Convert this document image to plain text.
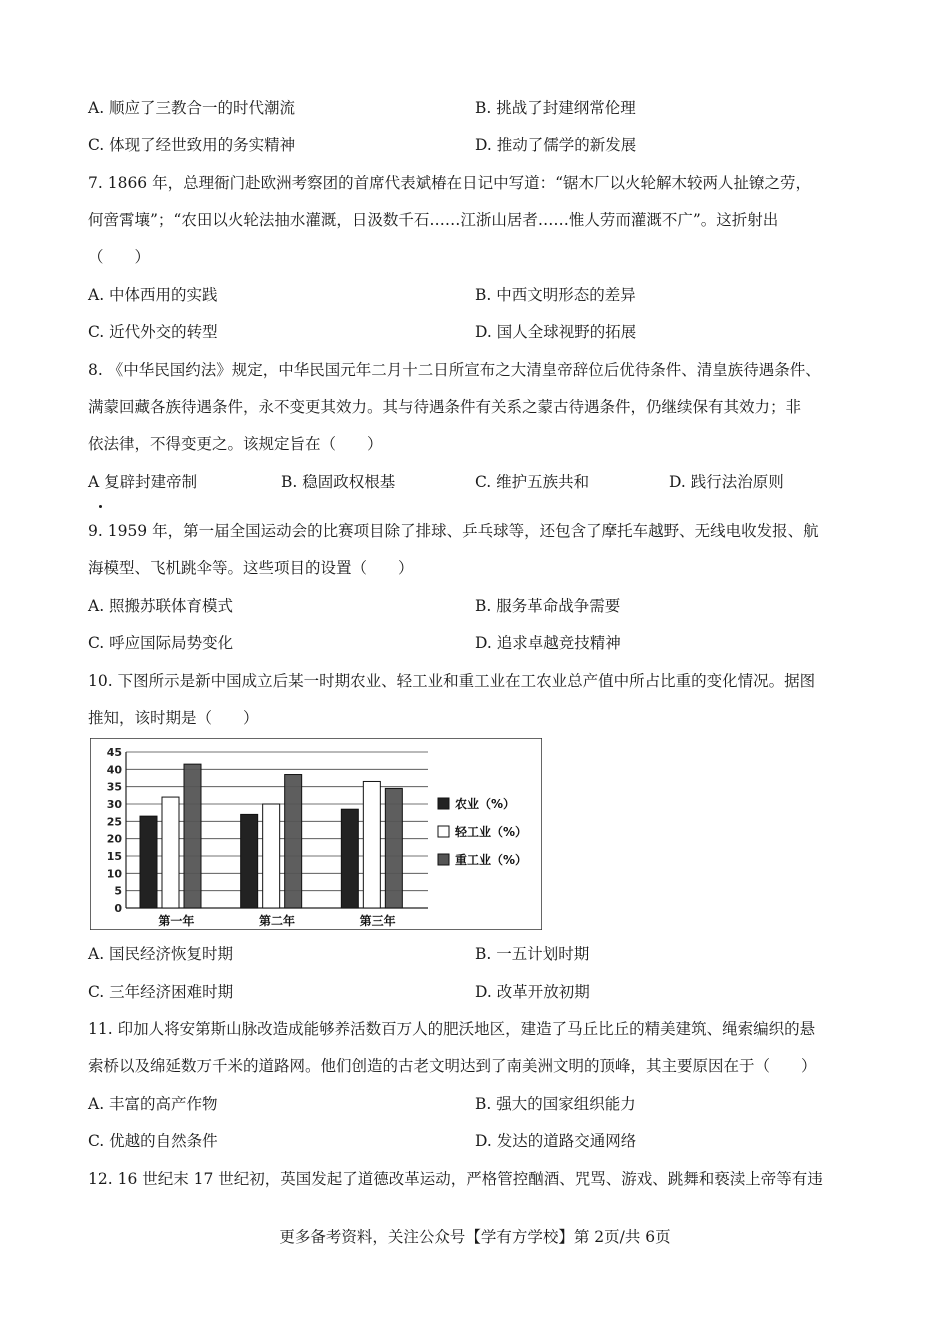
A. 顺应了三教合一的时代潮流	B. 挑战了封建纲常伦理
C. 体现了经世致用的务实精神	D. 推动了儒学的新发展
7. 1866 年，总理衙门赴欧洲考察团的首席代表斌椿在日记中写道：“锯木厂以火轮解木较两人扯镣之劳，
何啻霄壤”；“农田以火轮法抽水灌溉，日汲数千石……江浙山居者……惟人劳而灌溉不广”。这折射出
（　　）
A. 中体西用的实践	B. 中西文明形态的差异
C. 近代外交的转型	D. 国人全球视野的拓展
8. 《中华民国约法》规定，中华民国元年二月十二日所宣布之大清皇帝辞位后优待条件、清皇族待遇条件、
满蒙回藏各族待遇条件，永不变更其效力。其与待遇条件有关系之蒙古待遇条件，仍继续保有其效力；非
依法律，不得变更之。该规定旨在（　　）
A 复辟封建帝制	B. 稳固政权根基	C. 维护五族共和	D. 践行法治原则
9. 1959 年，第一届全国运动会的比赛项目除了排球、乒乓球等，还包含了摩托车越野、无线电收发报、航
海模型、飞机跳伞等。这些项目的设置（　　）
A. 照搬苏联体育模式	B. 服务革命战争需要
C. 呼应国际局势变化	D. 追求卓越竞技精神
10. 下图所示是新中国成立后某一时期农业、轻工业和重工业在工农业总产值中所占比重的变化情况。据图
推知，该时期是（　　）
0
5
10
15
20
25
30
35
40
45
第一年	第二年	第三年
农业（%）
轻工业（%）
重工业（%）
A. 国民经济恢复时期	B. 一五计划时期
C. 三年经济困难时期	D. 改革开放初期
11. 印加人将安第斯山脉改造成能够养活数百万人的肥沃地区，建造了马丘比丘的精美建筑、绳索编织的悬
索桥以及绵延数万千米的道路网。他们创造的古老文明达到了南美洲文明的顶峰，其主要原因在于（　　）
A. 丰富的高产作物	B. 强大的国家组织能力
C. 优越的自然条件	D. 发达的道路交通网络
12. 16 世纪末 17 世纪初，英国发起了道德改革运动，严格管控酗酒、咒骂、游戏、跳舞和亵渎上帝等有违
更多备考资料，关注公众号【学有方学校】第 2页/共 6页
